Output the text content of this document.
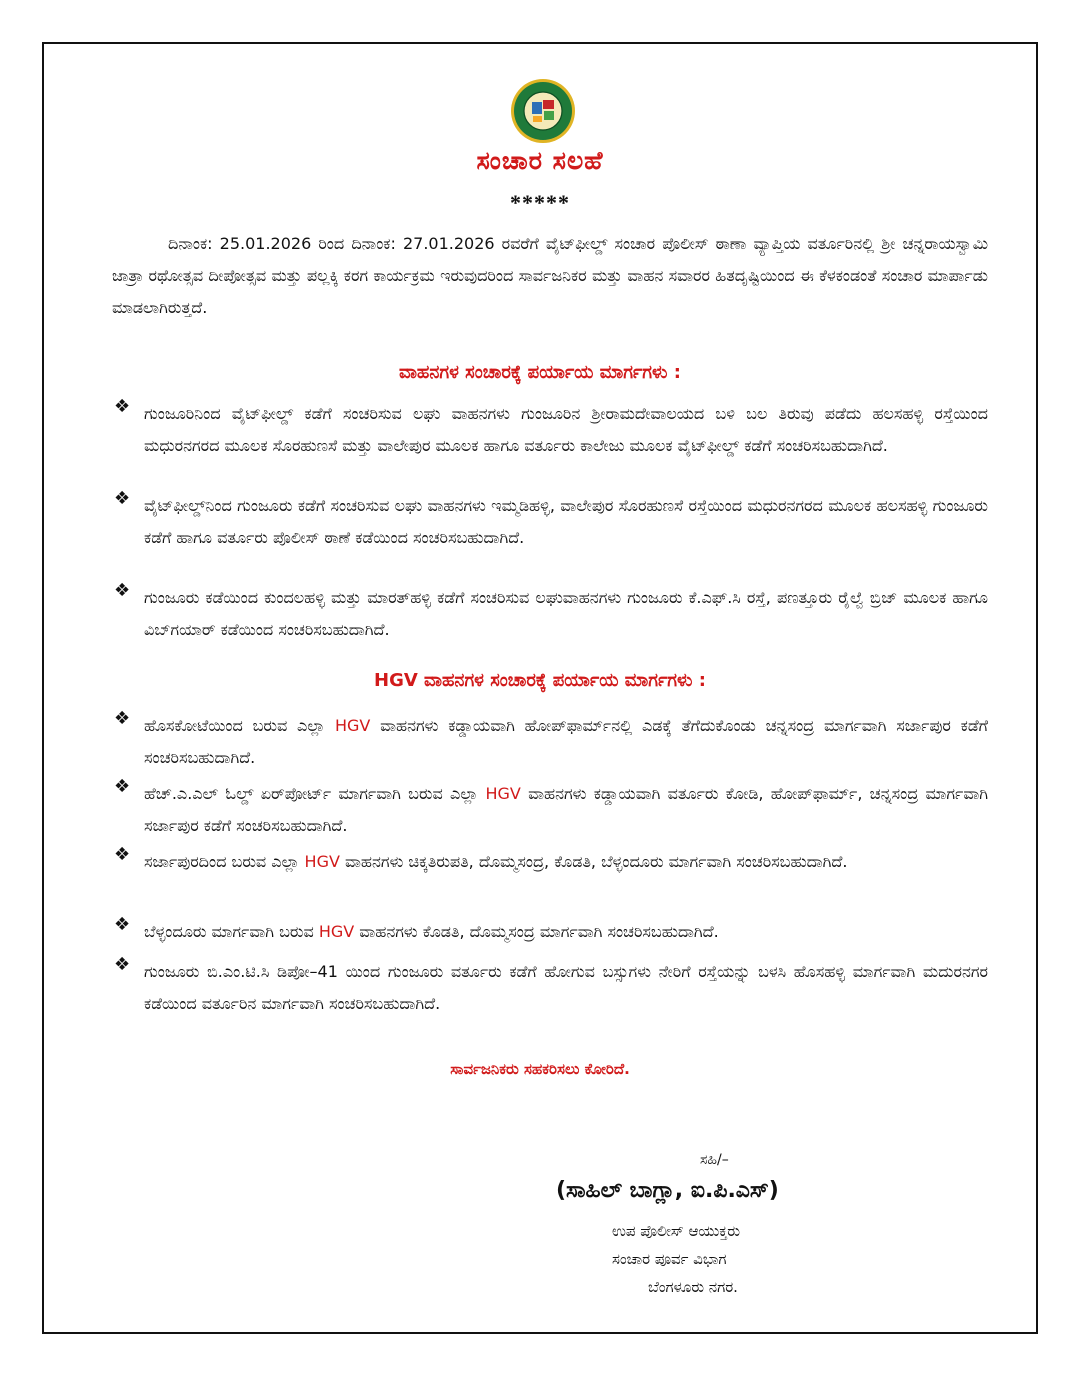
ಸಂಚಾರ ಸಲಹೆ
*****

ದಿನಾಂಕ: 25.01.2026 ರಿಂದ ದಿನಾಂಕ: 27.01.2026 ರವರೆಗೆ ವೈಟ್‌ಫೀಲ್ಡ್ ಸಂಚಾರ ಪೊಲೀಸ್ ಠಾಣಾ ವ್ಯಾಪ್ತಿಯ ವರ್ತೂರಿನಲ್ಲಿ ಶ್ರೀ ಚನ್ನರಾಯಸ್ವಾಮಿ ಜಾತ್ರಾ ರಥೋತ್ಸವ ದೀಪೋತ್ಸವ ಮತ್ತು ಪಲ್ಲಕ್ಕಿ ಕರಗ ಕಾರ್ಯಕ್ರಮ ಇರುವುದರಿಂದ ಸಾರ್ವಜನಿಕರ ಮತ್ತು ವಾಹನ ಸವಾರರ ಹಿತದೃಷ್ಟಿಯಿಂದ ಈ ಕೆಳಕಂಡಂತೆ ಸಂಚಾರ ಮಾರ್ಪಾಡು ಮಾಡಲಾಗಿರುತ್ತದೆ.

ವಾಹನಗಳ ಸಂಚಾರಕ್ಕೆ ಪರ್ಯಾಯ ಮಾರ್ಗಗಳು :
❖ ಗುಂಜೂರಿನಿಂದ ವೈಟ್‌ಫೀಲ್ಡ್ ಕಡೆಗೆ ಸಂಚರಿಸುವ ಲಘು ವಾಹನಗಳು ಗುಂಜೂರಿನ ಶ್ರೀರಾಮದೇವಾಲಯದ ಬಳಿ ಬಲ ತಿರುವು ಪಡೆದು ಹಲಸಹಳ್ಳಿ ರಸ್ತೆಯಿಂದ ಮಧುರನಗರದ ಮೂಲಕ ಸೊರಹುಣಸೆ ಮತ್ತು ವಾಲೇಪುರ ಮೂಲಕ ಹಾಗೂ ವರ್ತೂರು ಕಾಲೇಜು ಮೂಲಕ ವೈಟ್‌ಫೀಲ್ಡ್ ಕಡೆಗೆ ಸಂಚರಿಸಬಹುದಾಗಿದೆ.

❖ ವೈಟ್‌ಫೀಲ್ಡ್‌ನಿಂದ ಗುಂಜೂರು ಕಡೆಗೆ ಸಂಚರಿಸುವ ಲಘು ವಾಹನಗಳು ಇಮ್ಮಡಿಹಳ್ಳಿ, ವಾಲೇಪುರ ಸೊರಹುಣಸೆ ರಸ್ತೆಯಿಂದ ಮಧುರನಗರದ ಮೂಲಕ ಹಲಸಹಳ್ಳಿ ಗುಂಜೂರು ಕಡೆಗೆ ಹಾಗೂ ವರ್ತೂರು ಪೊಲೀಸ್ ಠಾಣೆ ಕಡೆಯಿಂದ ಸಂಚರಿಸಬಹುದಾಗಿದೆ.

❖ ಗುಂಜೂರು ಕಡೆಯಿಂದ ಕುಂದಲಹಳ್ಳಿ ಮತ್ತು ಮಾರತ್‌ಹಳ್ಳಿ ಕಡೆಗೆ ಸಂಚರಿಸುವ ಲಘುವಾಹನಗಳು ಗುಂಜೂರು ಕೆ.ಎಫ್.ಸಿ ರಸ್ತೆ, ಪಣತ್ತೂರು ರೈಲ್ವೆ ಬ್ರಿಜ್ ಮೂಲಕ ಹಾಗೂ ವಿಬ್‌ಗಯಾರ್ ಕಡೆಯಿಂದ ಸಂಚರಿಸಬಹುದಾಗಿದೆ.

HGV ವಾಹನಗಳ ಸಂಚಾರಕ್ಕೆ ಪರ್ಯಾಯ ಮಾರ್ಗಗಳು :
❖ ಹೊಸಕೋಟೆಯಿಂದ ಬರುವ ಎಲ್ಲಾ HGV ವಾಹನಗಳು ಕಡ್ಡಾಯವಾಗಿ ಹೋಪ್‌ಫಾರ್ಮ್‌ನಲ್ಲಿ ಎಡಕ್ಕೆ ತೆಗೆದುಕೊಂಡು ಚನ್ನಸಂದ್ರ ಮಾರ್ಗವಾಗಿ ಸರ್ಜಾಪುರ ಕಡೆಗೆ ಸಂಚರಿಸಬಹುದಾಗಿದೆ.

❖ ಹೆಚ್.ಎ.ಎಲ್ ಓಲ್ಡ್ ಏರ್‌ಪೋರ್ಟ್ ಮಾರ್ಗವಾಗಿ ಬರುವ ಎಲ್ಲಾ HGV ವಾಹನಗಳು ಕಡ್ಡಾಯವಾಗಿ ವರ್ತೂರು ಕೋಡಿ, ಹೋಪ್‌ಫಾರ್ಮ್, ಚನ್ನಸಂದ್ರ ಮಾರ್ಗವಾಗಿ ಸರ್ಜಾಪುರ ಕಡೆಗೆ ಸಂಚರಿಸಬಹುದಾಗಿದೆ.

❖ ಸರ್ಜಾಪುರದಿಂದ ಬರುವ ಎಲ್ಲಾ HGV ವಾಹನಗಳು ಚಿಕ್ಕತಿರುಪತಿ, ದೊಮ್ಮಸಂದ್ರ, ಕೊಡತಿ, ಬೆಳ್ಳಂದೂರು ಮಾರ್ಗವಾಗಿ ಸಂಚರಿಸಬಹುದಾಗಿದೆ.

❖ ಬೆಳ್ಳಂದೂರು ಮಾರ್ಗವಾಗಿ ಬರುವ HGV ವಾಹನಗಳು ಕೊಡತಿ, ದೊಮ್ಮಸಂದ್ರ ಮಾರ್ಗವಾಗಿ ಸಂಚರಿಸಬಹುದಾಗಿದೆ.

❖ ಗುಂಜೂರು ಬಿ.ಎಂ.ಟಿ.ಸಿ ಡಿಪೋ–41 ಯಿಂದ ಗುಂಜೂರು ವರ್ತೂರು ಕಡೆಗೆ ಹೋಗುವ ಬಸ್ಸುಗಳು ನೇರಿಗೆ ರಸ್ತೆಯನ್ನು ಬಳಸಿ ಹೊಸಹಳ್ಳಿ ಮಾರ್ಗವಾಗಿ ಮದುರನಗರ ಕಡೆಯಿಂದ ವರ್ತೂರಿನ ಮಾರ್ಗವಾಗಿ ಸಂಚರಿಸಬಹುದಾಗಿದೆ.

ಸಾರ್ವಜನಿಕರು ಸಹಕರಿಸಲು ಕೋರಿದೆ.
ಸಹಿ/–
(ಸಾಹಿಲ್ ಬಾಗ್ಲಾ, ಐ.ಪಿ.ಎಸ್)
ಉಪ ಪೊಲೀಸ್ ಆಯುಕ್ತರು
ಸಂಚಾರ ಪೂರ್ವ ವಿಭಾಗ
ಬೆಂಗಳೂರು ನಗರ.
